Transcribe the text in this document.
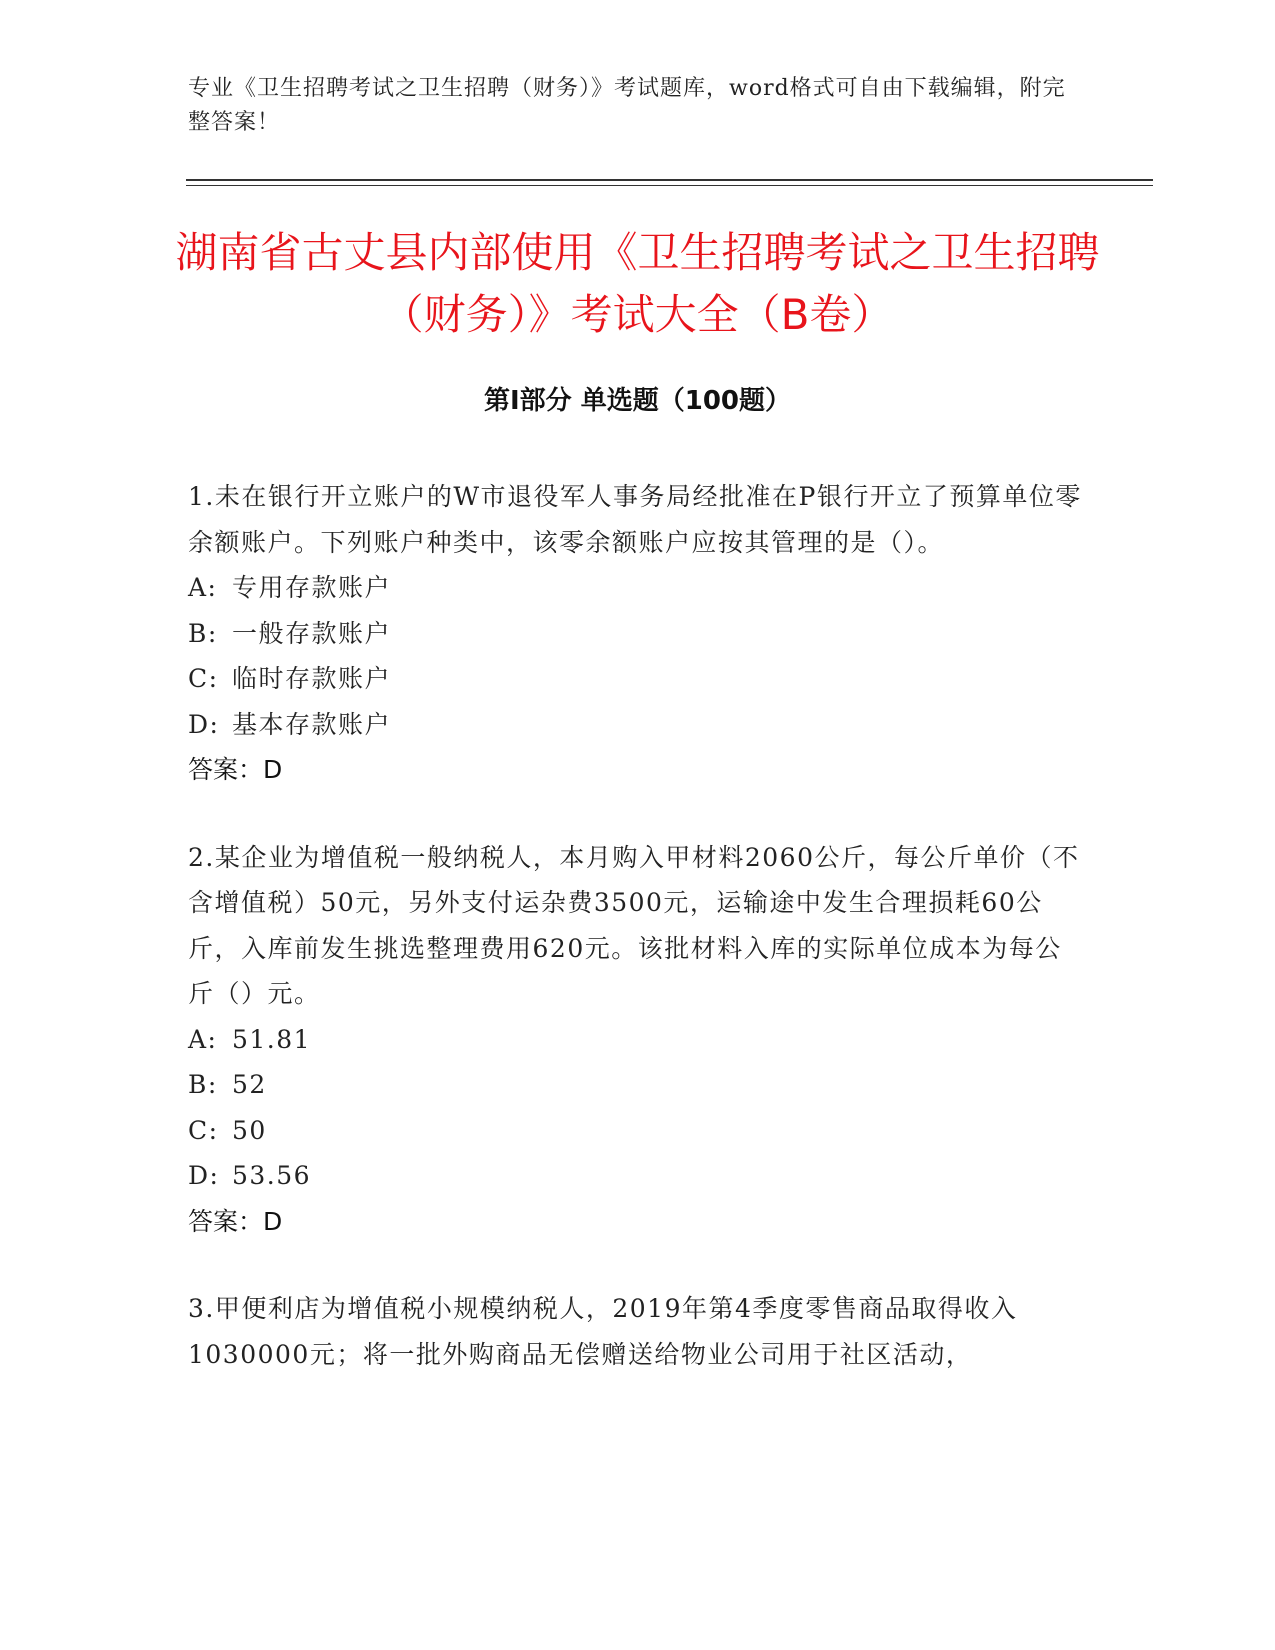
专业《卫生招聘考试之卫生招聘（财务）》考试题库，word格式可自由下载编辑，附完整答案！
湖南省古丈县内部使用《卫生招聘考试之卫生招聘（财务）》考试大全（B卷）
第I部分 单选题（100题）

1.未在银行开立账户的W市退役军人事务局经批准在P银行开立了预算单位零余额账户。下列账户种类中，该零余额账户应按其管理的是（）。

A: 专用存款账户

B: 一般存款账户

C: 临时存款账户

D: 基本存款账户

答案：D

2.某企业为增值税一般纳税人，本月购入甲材料2060公斤，每公斤单价（不含增值税）50元，另外支付运杂费3500元，运输途中发生合理损耗60公斤，入库前发生挑选整理费用620元。该批材料入库的实际单位成本为每公斤（）元。

A: 51.81

B: 52

C: 50

D: 53.56

答案：D

3.甲便利店为增值税小规模纳税人，2019年第4季度零售商品取得收入1030000元；将一批外购商品无偿赠送给物业公司用于社区活动，
